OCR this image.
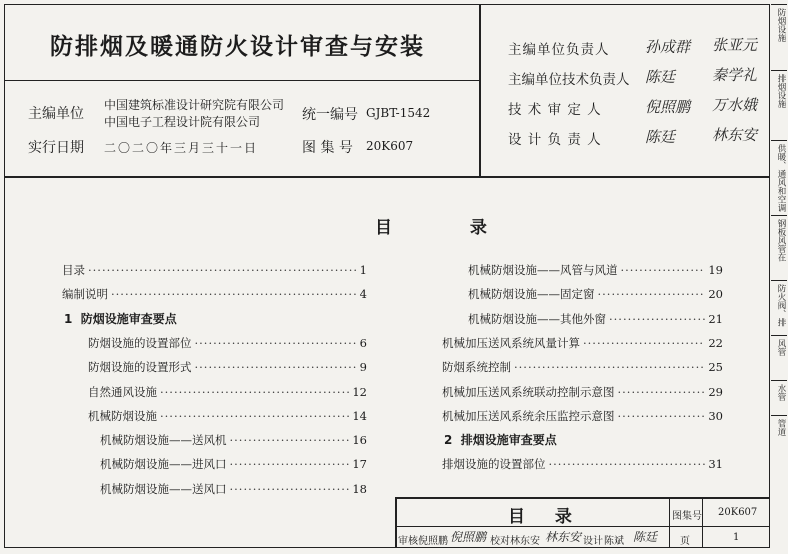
防排烟及暖通防火设计审查与安装
主编单位
中国建筑标准设计研究院有限公司
中国电子工程设计院有限公司	统一编号 GJBT-1542
实行日期 二〇二〇年三月三十一日	图 集 号 20K607
主编单位负责人 孙成群 张亚元
主编单位技术负责人 陈廷 秦学礼
技 术 审 定 人	倪照鹏 万水娥
设 计 负 责 人	陈廷 林东安
目 录
目录 ·····	1
编制说明 ·····	4
1  防烟设施审查要点
防烟设施的设置部位 ·····	6
防烟设施的设置形式 ·····	9
自然通风设施 ·····	12
机械防烟设施 ·····	14
机械防烟设施——送风机 ·····	16
机械防烟设施——进风口 ·····	17
机械防烟设施——送风口 ·····	18
机械防烟设施——风管与风道 ·····	19
机械防烟设施——固定窗 ·····	20
机械防烟设施——其他外窗 ·····	21
机械加压送风系统风量计算 ·····	22
防烟系统控制 ·····	25
机械加压送风系统联动控制示意图 ·····	29
机械加压送风系统余压监控示意图 ·····	30
2  排烟设施审查要点
排烟设施的设置部位 ·····	31
目  录	图集号 20K607
审核 倪照鹏 倪照鹏 校对 林东安 林东安 设计 陈斌 陈廷 页	1
防烟设施
排烟设施
供暖、通风和空调
钢板风管在
防火阀、排
风管
水管
管道
